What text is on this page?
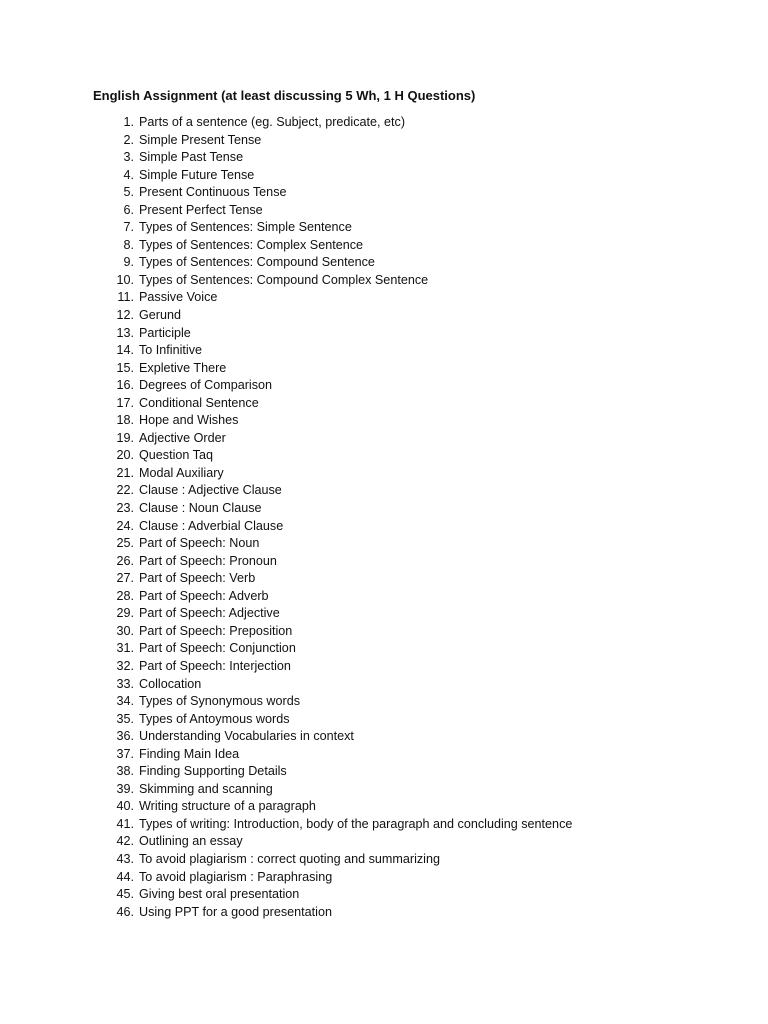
English Assignment (at least discussing 5 Wh, 1 H Questions)
1. Parts of a sentence (eg. Subject, predicate, etc)
2. Simple Present Tense
3. Simple Past Tense
4. Simple Future Tense
5. Present Continuous Tense
6. Present Perfect Tense
7. Types of Sentences: Simple Sentence
8. Types of Sentences: Complex Sentence
9. Types of Sentences: Compound Sentence
10. Types of Sentences: Compound Complex Sentence
11. Passive Voice
12. Gerund
13. Participle
14. To Infinitive
15. Expletive There
16. Degrees of Comparison
17. Conditional Sentence
18. Hope and Wishes
19. Adjective Order
20. Question Taq
21. Modal Auxiliary
22. Clause : Adjective Clause
23. Clause : Noun Clause
24. Clause : Adverbial Clause
25. Part of Speech: Noun
26. Part of Speech: Pronoun
27. Part of Speech: Verb
28. Part of Speech: Adverb
29. Part of Speech: Adjective
30. Part of Speech: Preposition
31. Part of Speech: Conjunction
32. Part of Speech: Interjection
33. Collocation
34. Types of Synonymous words
35. Types of Antoymous words
36. Understanding Vocabularies in context
37. Finding Main Idea
38. Finding Supporting Details
39. Skimming and scanning
40. Writing structure of a paragraph
41. Types of writing: Introduction, body of the paragraph and concluding sentence
42. Outlining an essay
43. To avoid plagiarism : correct quoting and summarizing
44. To avoid plagiarism : Paraphrasing
45. Giving best oral presentation
46. Using PPT for a good presentation
